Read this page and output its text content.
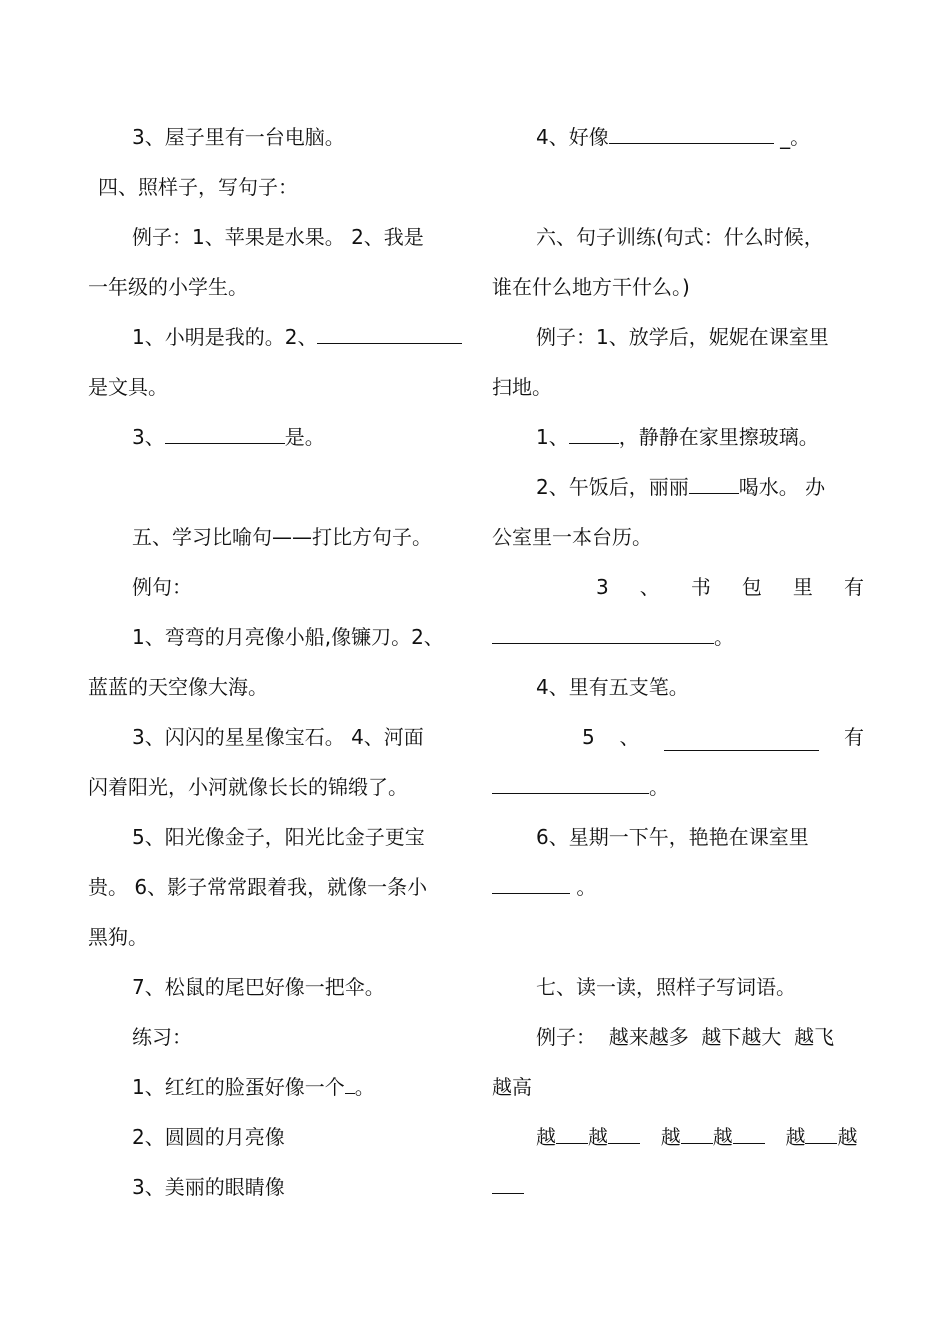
3、屋子里有一台电脑。
四、照样子，写句子：
例子：1、苹果是水果。 2、我是
一年级的小学生。
1、小明是我的。2、
是文具。
3、	是。
五、学习比喻句——打比方句子。
例句：
1、弯弯的月亮像小船,像镰刀。2、
蓝蓝的天空像大海。
3、闪闪的星星像宝石。 4、河面
闪着阳光，小河就像长长的锦缎了。
5、阳光像金子，阳光比金子更宝
贵。 6、影子常常跟着我，就像一条小
黑狗。
7、松鼠的尾巴好像一把伞。
练习：
1、红红的脸蛋好像一个 。
2、圆圆的月亮像
3、美丽的眼睛像
4、好像	_。
六、句子训练(句式：什么时候，
谁在什么地方干什么。)
例子：1、放学后，妮妮在课室里
扫地。
1、	，静静在家里擦玻璃。
2、午饭后，丽丽	喝水。 办
公室里一本台历。
3 、 书 包 里 有
。
4、里有五支笔。
5 、	有
。
6、星期一下午，艳艳在课室里
。
七、读一读，照样子写词语。
例子：  越来越多  越下越大  越飞
越高
越 越	越 越	越 越
